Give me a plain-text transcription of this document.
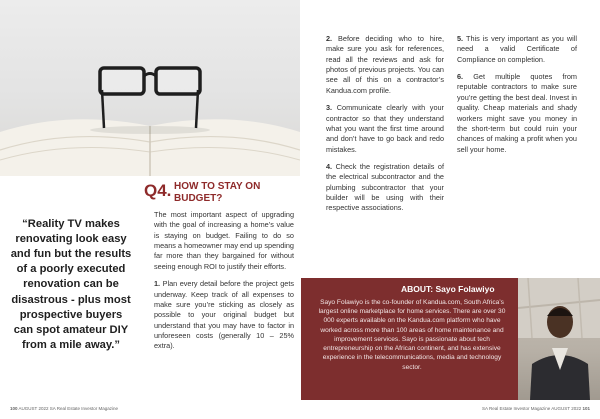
“Reality TV makes renovating look easy and fun but the results of a poorly executed renovation can be disastrous - plus most prospective buyers can spot amateur DIY from a mile away.”
Q4. HOW TO STAY ON BUDGET?

The most important aspect of upgrading with the goal of increasing a home’s value is staying on budget. Failing to do so means a homeowner may end up spending far more than they bargained for without seeing enough ROI to justify their efforts.

1. Plan every detail before the project gets underway. Keep track of all expenses to make sure you’re sticking as closely as possible to your original budget but understand that you may have to factor in unforeseen costs (generally 10 – 25% extra).

2. Before deciding who to hire, make sure you ask for references, read all the reviews and ask for photos of previous projects. You can see all of this on a contractor’s Kandua.com profile.

3. Communicate clearly with your contractor so that they understand what you want the first time around and don’t have to go back and redo mistakes.

4. Check the registration details of the electrical subcontractor and the plumbing subcontractor that your builder will be using with their respective associations.

5. This is very important as you will need a valid Certificate of Compliance on completion.

6. Get multiple quotes from reputable contractors to make sure you’re getting the best deal. Invest in quality. Cheap materials and shady workers might save you money in the short-term but could ruin your chances of making a profit when you sell your home.

ABOUT: Sayo Folawiyo
Sayo Folawiyo is the co-founder of Kandua.com, South Africa’s largest online marketplace for home services. There are over 30 000 experts available on the Kandua.com platform who have worked across more than 100 areas of home maintenance and improvement services. Sayo is passionate about tech entrepreneurship on the African continent, and has extensive experience in the telecommunications, media and technology sector.
100 AUGUST 2022 SA Real Estate Investor Magazine	SA Real Estate Investor Magazine AUGUST 2022 101
